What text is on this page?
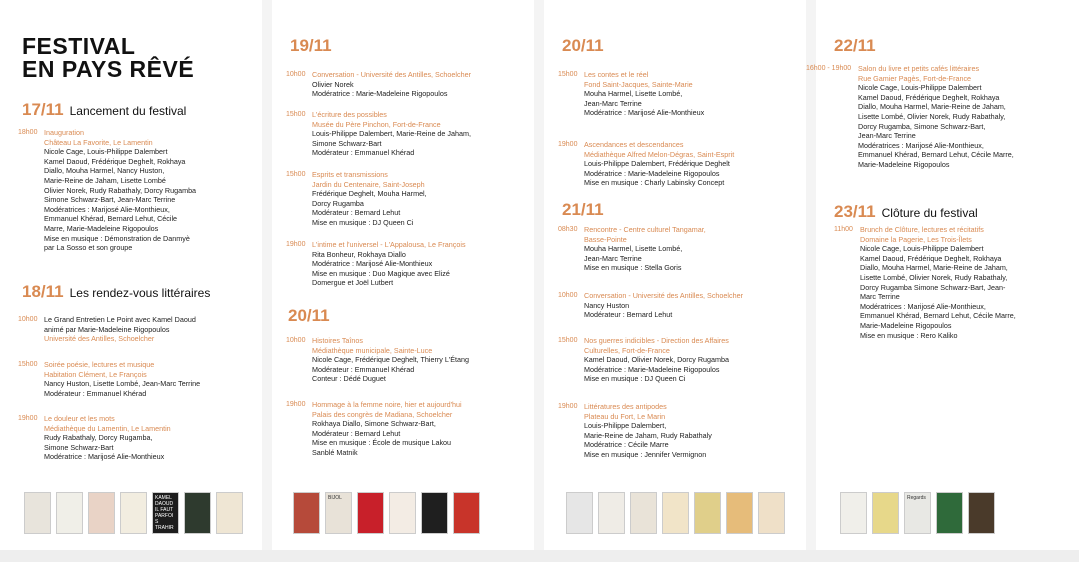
FESTIVAL
EN PAYS RÊVÉ
17/11 Lancement du festival
18h00 Inauguration
Château La Favorite, Le Lamentin
Nicole Cage, Louis-Philippe Dalembert
Kamel Daoud, Frédérique Deghelt, Rokhaya
Diallo, Mouha Harmel, Nancy Huston,
Marie-Reine de Jaham, Lisette Lombé
Olivier Norek, Rudy Rabathaly, Dorcy Rugamba
Simone Schwarz-Bart, Jean-Marc Terrine
Modératrices : Marijosé Alie-Monthieux,
Emmanuel Khérad, Bernard Lehut, Cécile
Marre, Marie-Madeleine Rigopoulos
Mise en musique : Démonstration de Danmyè
par La Sosso et son groupe
18/11 Les rendez-vous littéraires
10h00 Le Grand Entretien Le Point avec Kamel Daoud
animé par Marie-Madeleine Rigopoulos
Université des Antilles, Schoelcher
15h00 Soirée poésie, lectures et musique
Habitation Clément, Le François
Nancy Huston, Lisette Lombé, Jean-Marc Terrine
Modérateur : Emmanuel Khérad
19h00 Le douleur et les mots
Médiathèque du Lamentin, Le Lamentin
Rudy Rabathaly, Dorcy Rugamba,
Simone Schwarz-Bart
Modératrice : Marijosé Alie-Monthieux
19/11
10h00 Conversation - Université des Antilles, Schoelcher
Olivier Norek
Modératrice : Marie-Madeleine Rigopoulos
15h00 L'écriture des possibles
Musée du Père Pinchon, Fort-de-France
Louis-Philippe Dalembert, Marie-Reine de Jaham,
Simone Schwarz-Bart
Modérateur : Emmanuel Khérad
15h00 Esprits et transmissions
Jardin du Centenaire, Saint-Joseph
Frédérique Deghelt, Mouha Harmel,
Dorcy Rugamba
Modérateur : Bernard Lehut
Mise en musique : DJ Queen Ci
19h00 L'intime et l'universel - L'Appalousa, Le François
Rita Bonheur, Rokhaya Diallo
Modératrice : Marijosé Alie-Monthieux
Mise en musique : Duo Magique avec Elizé
Domergue et Joël Lutbert
20/11
10h00 Histoires Taînos
Médiathèque municipale, Sainte-Luce
Nicole Cage, Frédérique Deghelt, Thierry L'Étang
Modérateur : Emmanuel Khérad
Conteur : Dédé Duguet
19h00 Hommage à la femme noire, hier et aujourd'hui
Palais des congrès de Madiana, Schoelcher
Rokhaya Diallo, Simone Schwarz-Bart,
Modérateur : Bernard Lehut
Mise en musique : École de musique Lakou
Sanblé Matnik
20/11
15h00 Les contes et le réel
Fond Saint-Jacques, Sainte-Marie
Mouha Harmel, Lisette Lombé,
Jean-Marc Terrine
Modératrice : Marijosé Alie-Monthieux
19h00 Ascendances et descendances
Médiathèque Alfred Melon-Dégras, Saint-Esprit
Louis-Philippe Dalembert, Frédérique Deghelt
Modératrice : Marie-Madeleine Rigopoulos
Mise en musique : Charly Labinsky Concept
21/11
08h30 Rencontre - Centre culturel Tangamar,
Basse-Pointe
Mouha Harmel, Lisette Lombé,
Jean-Marc Terrine
Mise en musique : Stella Goris
10h00 Conversation - Université des Antilles, Schoelcher
Nancy Huston
Modérateur : Bernard Lehut
15h00 Nos guerres indicibles - Direction des Affaires
Culturelles, Fort-de-France
Kamel Daoud, Olivier Norek, Dorcy Rugamba
Modératrice : Marie-Madeleine Rigopoulos
Mise en musique : DJ Queen Ci
19h00 Littératures des antipodes
Plateau du Fort, Le Marin
Louis-Philippe Dalembert,
Marie-Reine de Jaham, Rudy Rabathaly
Modératrice : Cécile Marre
Mise en musique : Jennifer Vermignon
22/11
16h00 - 19h00 Salon du livre et petits cafés littéraires
Rue Gamier Pagès, Fort-de-France
Nicole Cage, Louis-Philippe Dalembert
Kamel Daoud, Frédérique Deghelt, Rokhaya
Diallo, Mouha Harmel, Marie-Reine de Jaham,
Lisette Lombé, Olivier Norek, Rudy Rabathaly,
Dorcy Rugamba, Simone Schwarz-Bart,
Jean-Marc Terrine
Modératrices : Marijosé Alie-Monthieux,
Emmanuel Khérad, Bernard Lehut, Cécile Marre,
Marie-Madeleine Rigopoulos
23/11 Clôture du festival
11h00 Brunch de Clôture, lectures et récitatifs
Domaine la Pagerie, Les Trois-Îlets
Nicole Cage, Louis-Philippe Dalembert
Kamel Daoud, Frédérique Deghelt, Rokhaya
Diallo, Mouha Harmel, Marie-Reine de Jaham,
Lisette Lombé, Olivier Norek, Rudy Rabathaly,
Dorcy Rugamba Simone Schwarz-Bart, Jean-
Marc Terrine
Modératrices : Marijosé Alie-Monthieux,
Emmanuel Khérad, Bernard Lehut, Cécile Marre,
Marie-Madeleine Rigopoulos
Mise en musique : Rero Kaliko
KAMEL DAOUD IL FAUT PARFOIS TRAHIR
BIJOL	Regards
